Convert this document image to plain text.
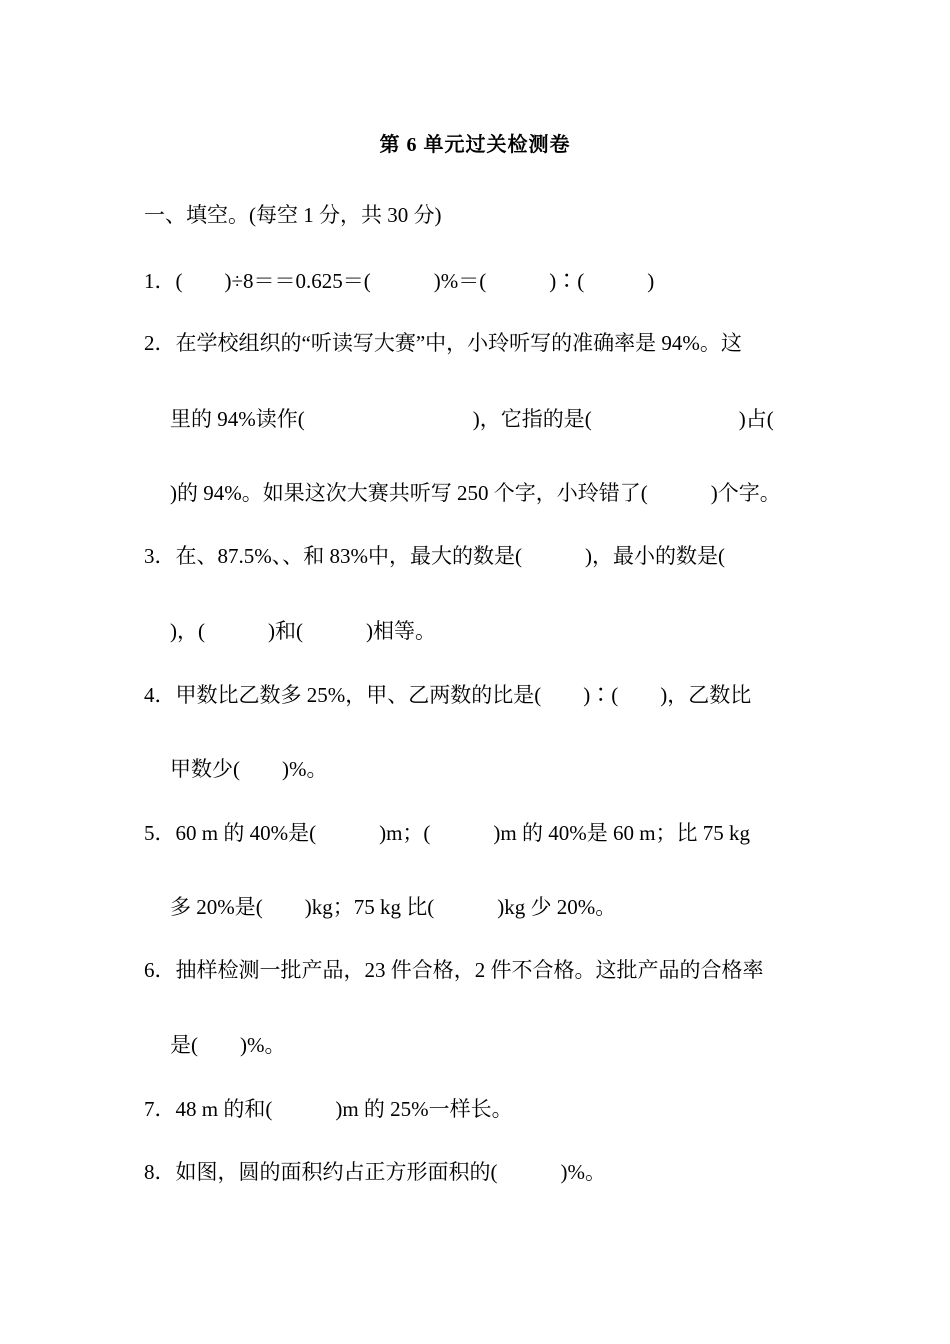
第 6 单元过关检测卷
一、填空。(每空 1 分，共 30 分)
1．(　　)÷8＝＝0.625＝(　　　)%＝(　　　)∶(　　　)
2．在学校组织的“听读写大赛”中，小玲听写的准确率是 94%。这
里的 94%读作(　　　　　　　　)，它指的是(　　　　　　　)占(
)的 94%。如果这次大赛共听写 250 个字，小玲错了(　　　)个字。
3．在、87.5%、、和 83%中，最大的数是(　　　)，最小的数是(
)，(　　　)和(　　　)相等。
4．甲数比乙数多 25%，甲、乙两数的比是(　　)∶(　　)，乙数比
甲数少(　　)%。
5．60 m 的 40%是(　　　)m；(　　　)m 的 40%是 60 m；比 75 kg
多 20%是(　　)kg；75 kg 比(　　　)kg 少 20%。
6．抽样检测一批产品，23 件合格，2 件不合格。这批产品的合格率
是(　　)%。
7．48 m 的和(　　　)m 的 25%一样长。
8．如图，圆的面积约占正方形面积的(　　　)%。
